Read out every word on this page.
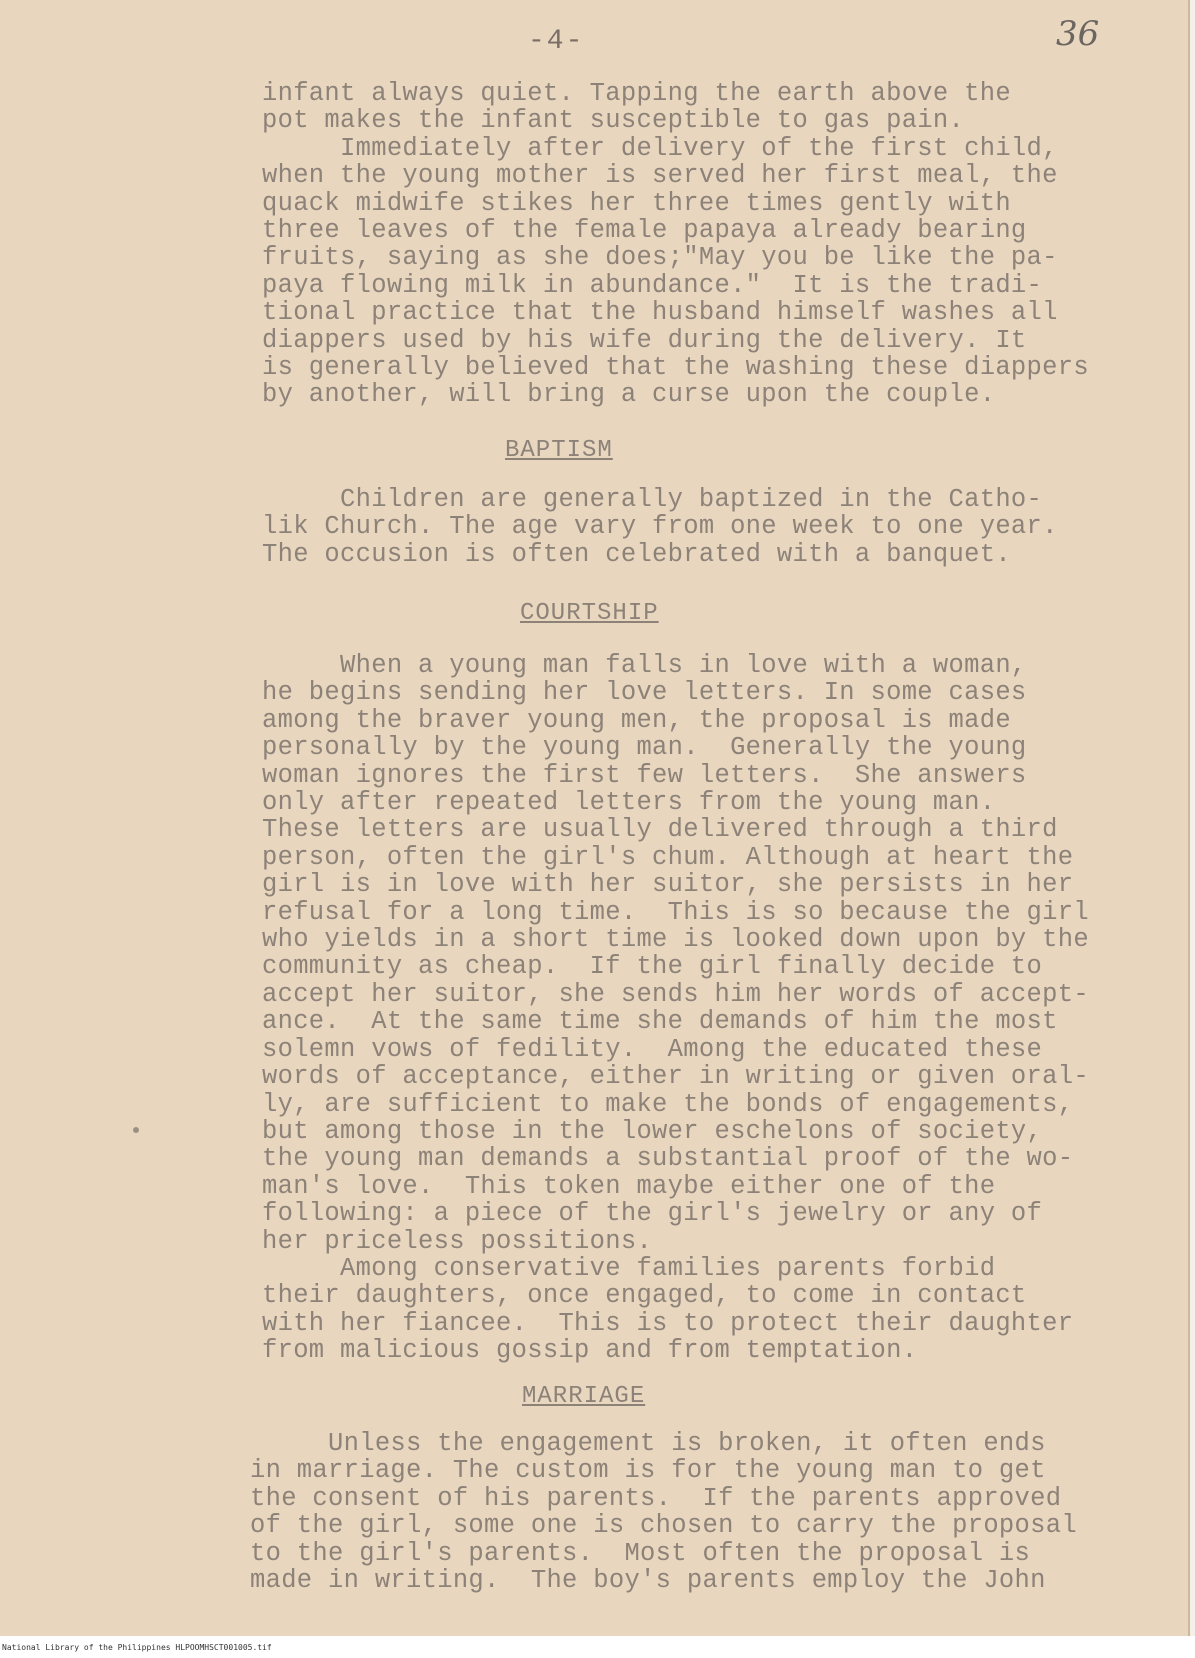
-4-	36

infant always quiet. Tapping the earth above the

pot makes the infant susceptible to gas pain.

Immediately after delivery of the first child,

when the young mother is served her first meal, the

quack midwife stikes her three times gently with

three leaves of the female papaya already bearing

fruits, saying as she does;"May you be like the pa-

paya flowing milk in abundance."  It is the tradi-

tional practice that the husband himself washes all

diappers used by his wife during the delivery. It

is generally believed that the washing these diappers

by another, will bring a curse upon the couple.

BAPTISM

Children are generally baptized in the Catho-

lik Church. The age vary from one week to one year.

The occusion is often celebrated with a banquet.

COURTSHIP

When a young man falls in love with a woman,

he begins sending her love letters. In some cases

among the braver young men, the proposal is made

personally by the young man.  Generally the young

woman ignores the first few letters.  She answers

only after repeated letters from the young man.

These letters are usually delivered through a third

person, often the girl's chum. Although at heart the

girl is in love with her suitor, she persists in her

refusal for a long time.  This is so because the girl

who yields in a short time is looked down upon by the

community as cheap.  If the girl finally decide to

accept her suitor, she sends him her words of accept-

ance.  At the same time she demands of him the most

solemn vows of fedility.  Among the educated these

words of acceptance, either in writing or given oral-

ly, are sufficient to make the bonds of engagements,

but among those in the lower eschelons of society,

the young man demands a substantial proof of the wo-

man's love.  This token maybe either one of the

following: a piece of the girl's jewelry or any of

her priceless possitions.

Among conservative families parents forbid

their daughters, once engaged, to come in contact

with her fiancee.  This is to protect their daughter

from malicious gossip and from temptation.

MARRIAGE

Unless the engagement is broken, it often ends

in marriage. The custom is for the young man to get

the consent of his parents.  If the parents approved

of the girl, some one is chosen to carry the proposal

to the girl's parents.  Most often the proposal is

made in writing.  The boy's parents employ the John

National Library of the Philippines HLPOOMHSCT001005.tif
